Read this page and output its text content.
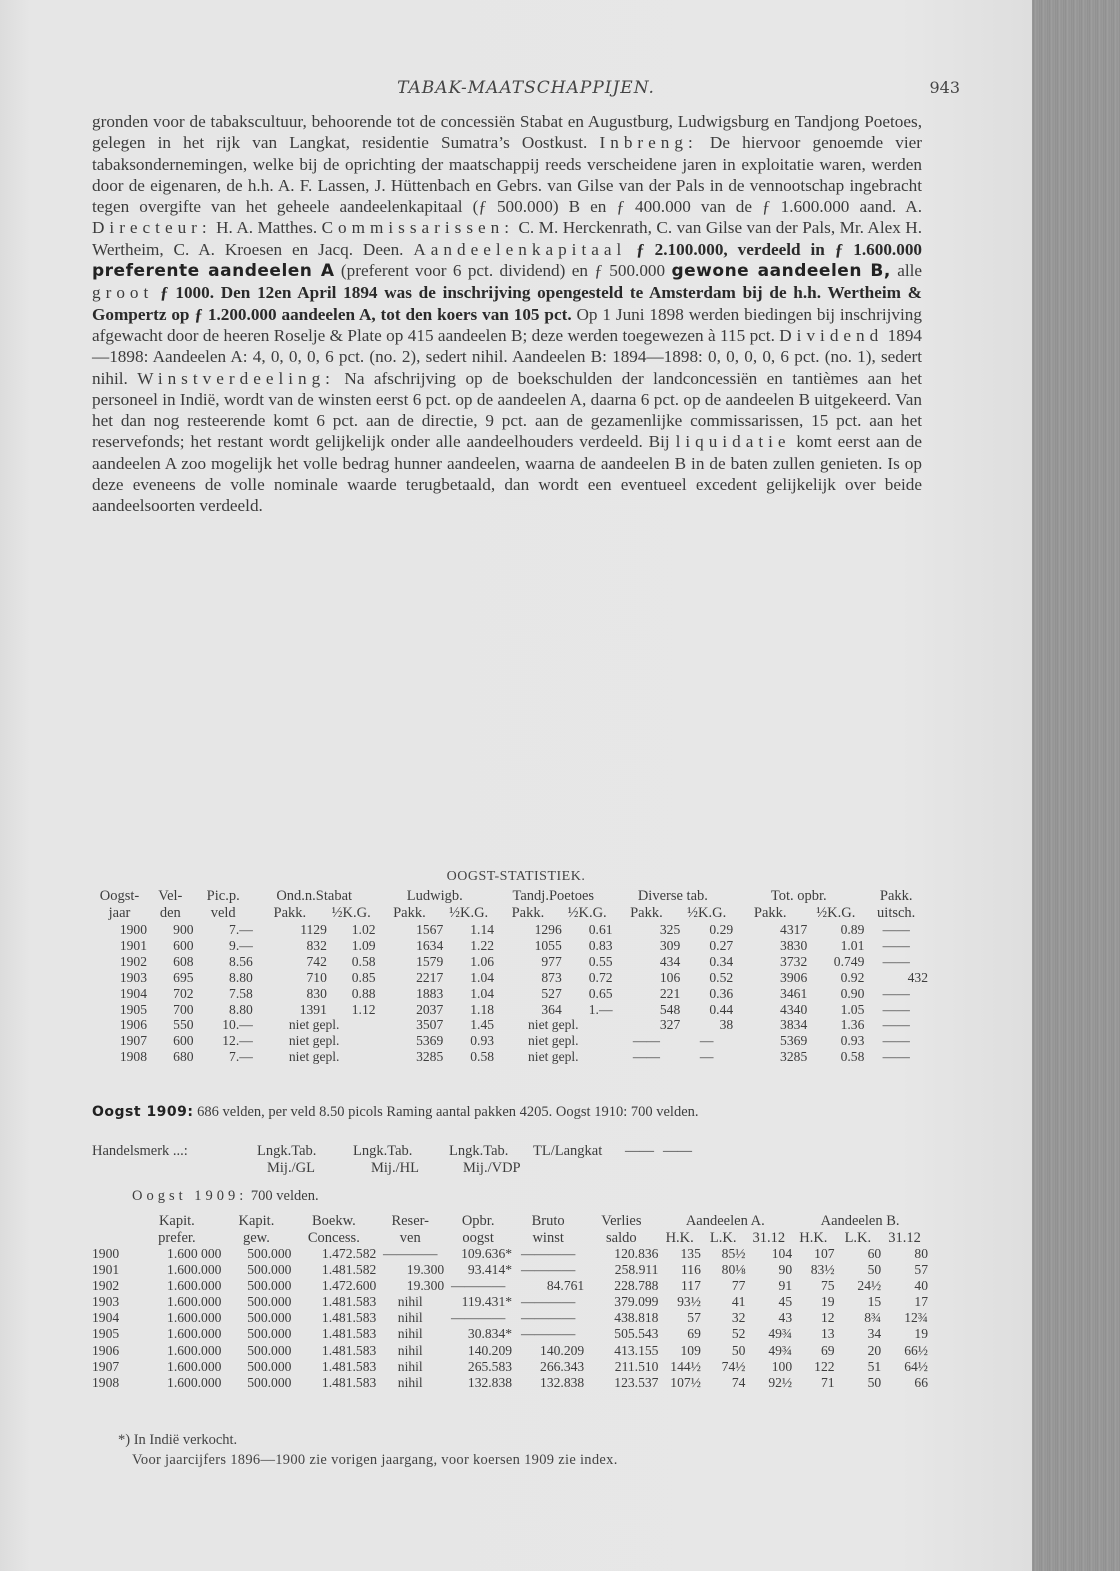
TABAK-MAATSCHAPPIJEN.	943

gronden voor de tabakscultuur, behoorende tot de concessiën Stabat en Augustburg, Ludwigsburg en Tandjong Poetoes, gelegen in het rijk van Langkat, residentie Sumatra’s Oostkust. Inbreng: De hiervoor genoemde vier tabaksondernemingen, welke bij de oprichting der maatschappij reeds verscheidene jaren in exploitatie waren, werden door de eigenaren, de h.h. A. F. Lassen, J. Hüttenbach en Gebrs. van Gilse van der Pals in de vennootschap ingebracht tegen overgifte van het geheele aandeelenkapitaal (ƒ 500.000) B en ƒ 400.000 van de ƒ 1.600.000 aand. A. Directeur: H. A. Matthes. Commissarissen: C. M. Herckenrath, C. van Gilse van der Pals, Mr. Alex H. Wertheim, C. A. Kroesen en Jacq. Deen. Aandeelenkapitaal ƒ 2.100.000, verdeeld in ƒ 1.600.000 preferente aandeelen A (preferent voor 6 pct. dividend) en ƒ 500.000 gewone aandeelen B, alle groot ƒ 1000. Den 12en April 1894 was de inschrijving opengesteld te Amsterdam bij de h.h. Wertheim & Gompertz op ƒ 1.200.000 aandeelen A, tot den koers van 105 pct. Op 1 Juni 1898 werden biedingen bij inschrijving afgewacht door de heeren Roselje & Plate op 415 aandeelen B; deze werden toegewezen à 115 pct. Dividend 1894—1898: Aandeelen A: 4, 0, 0, 0, 6 pct. (no. 2), sedert nihil. Aandeelen B: 1894—1898: 0, 0, 0, 0, 6 pct. (no. 1), sedert nihil. Winstverdeeling: Na afschrijving op de boekschulden der landconcessiën en tantièmes aan het personeel in Indië, wordt van de winsten eerst 6 pct. op de aandeelen A, daarna 6 pct. op de aandeelen B uitgekeerd. Van het dan nog resteerende komt 6 pct. aan de directie, 9 pct. aan de gezamenlijke commissarissen, 15 pct. aan het reservefonds; het restant wordt gelijkelijk onder alle aandeelhouders verdeeld. Bij liquidatie komt eerst aan de aandeelen A zoo mogelijk het volle bedrag hunner aandeelen, waarna de aandeelen B in de baten zullen genieten. Is op deze eveneens de volle nominale waarde terugbetaald, dan wordt een eventueel excedent gelijkelijk over beide aandeelsoorten verdeeld.

OOGST-STATISTIEK.
Oogst-	Vel-	Pic.p.	Ond.n.Stabat		Ludwigb.		Tandj.Poetoes		Diverse tab.		Tot. opbr.		Pakk.
jaar	den	veld	Pakk.	½K.G.	Pakk.	½K.G.	Pakk.	½K.G.	Pakk.	½K.G.	Pakk.	½K.G.	uitsch.
1900	900	7.—	1129	1.02	1567	1.14	1296	0.61	325	0.29	4317	0.89	——
1901	600	9.—	832	1.09	1634	1.22	1055	0.83	309	0.27	3830	1.01	——
1902	608	8.56	742	0.58	1579	1.06	977	0.55	434	0.34	3732	0.749	——
1903	695	8.80	710	0.85	2217	1.04	873	0.72	106	0.52	3906	0.92	432
1904	702	7.58	830	0.88	1883	1.04	527	0.65	221	0.36	3461	0.90	——
1905	700	8.80	1391	1.12	2037	1.18	364	1.—	548	0.44	4340	1.05	——
1906	550	10.—	niet gepl.		3507	1.45	niet gepl.		327	38	3834	1.36	——
1907	600	12.—	niet gepl.		5369	0.93	niet gepl.		——	—	5369	0.93	——
1908	680	7.—	niet gepl.		3285	0.58	niet gepl.		——	—	3285	0.58	——
Oogst 1909: 686 velden, per veld 8.50 picols Raming aantal pakken 4205. Oogst 1910: 700 velden.
Handelsmerk ...:	Lngk.Tab.	Lngk.Tab.	Lngk.Tab.	TL/Langkat	—— ——
Mij./GL	Mij./HL	Mij./VDP
Oogst 1909: 700 velden.
	Kapit.	Kapit.	Boekw.	Reser-	Opbr.	Bruto	Verlies	Aandeelen A.			Aandeelen B.		
	prefer.	gew.	Concess.	ven	oogst	winst	saldo	H.K.	L.K.	31.12	H.K.	L.K.	31.12
1900	1.600 000	500.000	1.472.582	————	109.636*	————	120.836	135	85½	104	107	60	80
1901	1.600.000	500.000	1.481.582	19.300	93.414*	————	258.911	116	80⅛	90	83½	50	57
1902	1.600.000	500.000	1.472.600	19.300	————	84.761	228.788	117	77	91	75	24½	40
1903	1.600.000	500.000	1.481.583	nihil	119.431*	————	379.099	93½	41	45	19	15	17
1904	1.600.000	500.000	1.481.583	nihil	————	————	438.818	57	32	43	12	8¾	12¾
1905	1.600.000	500.000	1.481.583	nihil	30.834*	————	505.543	69	52	49¾	13	34	19
1906	1.600.000	500.000	1.481.583	nihil	140.209	140.209	413.155	109	50	49¾	69	20	66½
1907	1.600.000	500.000	1.481.583	nihil	265.583	266.343	211.510	144½	74½	100	122	51	64½
1908	1.600.000	500.000	1.481.583	nihil	132.838	132.838	123.537	107½	74	92½	71	50	66
*) In Indië verkocht.
Voor jaarcijfers 1896—1900 zie vorigen jaargang, voor koersen 1909 zie index.
